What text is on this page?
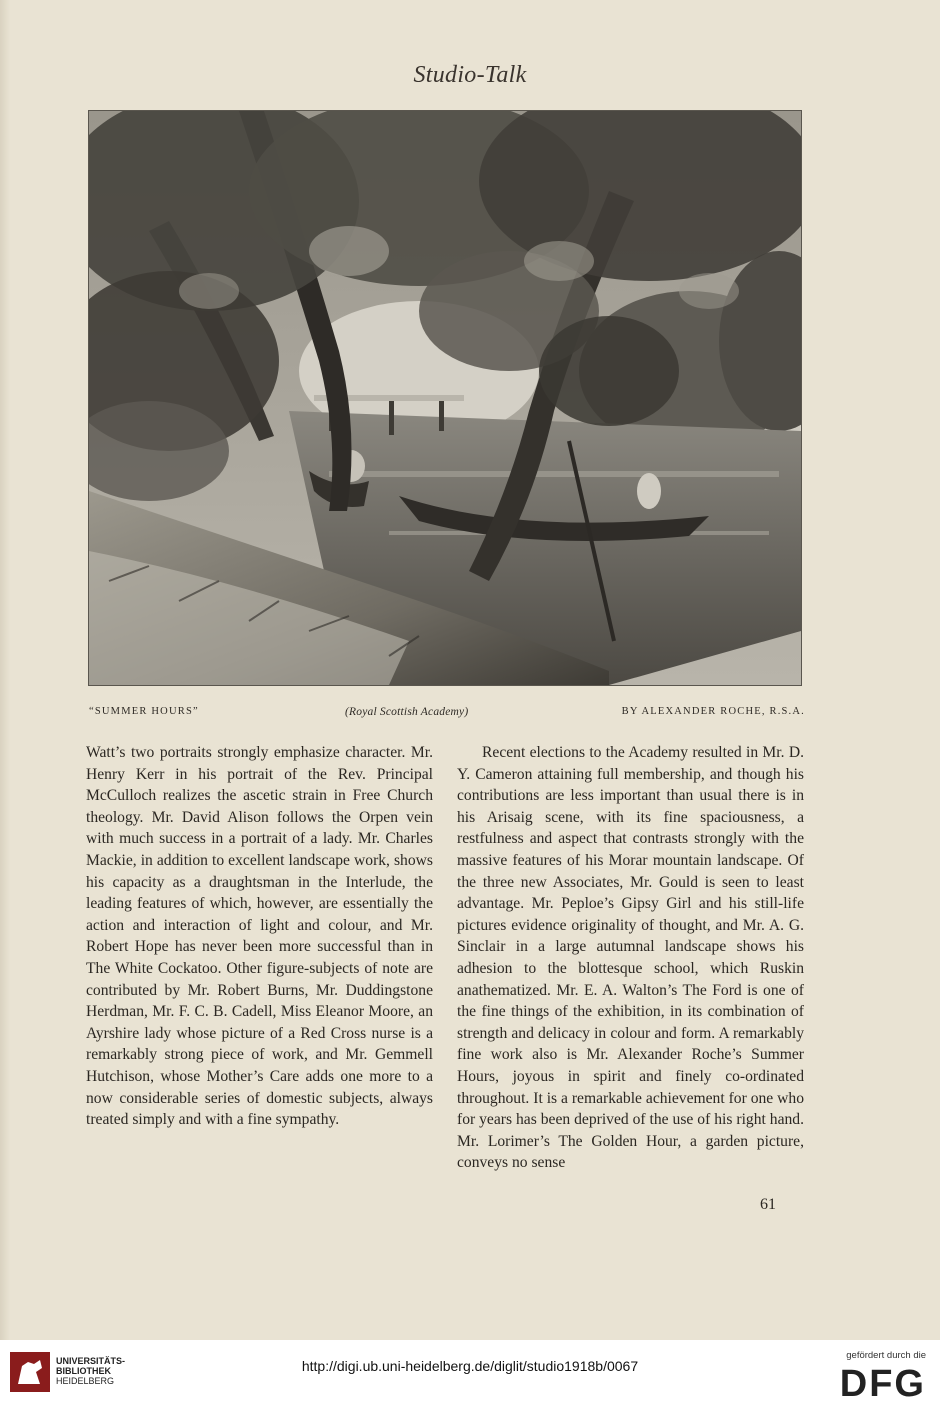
Studio-Talk
“SUMMER HOURS”	(Royal Scottish Academy)	BY ALEXANDER ROCHE, R.S.A.

Watt’s two portraits strongly emphasize character. Mr. Henry Kerr in his portrait of the Rev. Principal McCulloch realizes the ascetic strain in Free Church theology. Mr. David Alison follows the Orpen vein with much success in a portrait of a lady. Mr. Charles Mackie, in addition to excellent landscape work, shows his capacity as a draughtsman in the Interlude, the leading features of which, however, are essentially the action and interaction of light and colour, and Mr. Robert Hope has never been more successful than in The White Cockatoo. Other figure-subjects of note are contributed by Mr. Robert Burns, Mr. Duddingstone Herdman, Mr. F. C. B. Cadell, Miss Eleanor Moore, an Ayrshire lady whose picture of a Red Cross nurse is a remarkably strong piece of work, and Mr. Gemmell Hutchison, whose Mother’s Care adds one more to a now considerable series of domestic subjects, always treated simply and with a fine sympathy.

Recent elections to the Academy resulted in Mr. D. Y. Cameron attaining full membership, and though his contributions are less important than usual there is in his Arisaig scene, with its fine spaciousness, a restfulness and aspect that contrasts strongly with the massive features of his Morar mountain landscape. Of the three new Associates, Mr. Gould is seen to least advantage. Mr. Peploe’s Gipsy Girl and his still-life pictures evidence originality of thought, and Mr. A. G. Sinclair in a large autumnal landscape shows his adhesion to the blottesque school, which Ruskin anathematized. Mr. E. A. Walton’s The Ford is one of the fine things of the exhibition, in its combination of strength and delicacy in colour and form. A remarkably fine work also is Mr. Alexander Roche’s Summer Hours, joyous in spirit and finely co-ordinated throughout. It is a remarkable achievement for one who for years has been deprived of the use of his right hand. Mr. Lorimer’s The Golden Hour, a garden picture, conveys no sense

61
UNIVERSITÄTS-
BIBLIOTHEK
HEIDELBERG
http://digi.ub.uni-heidelberg.de/diglit/studio1918b/0067
gefördert durch die
DFG
